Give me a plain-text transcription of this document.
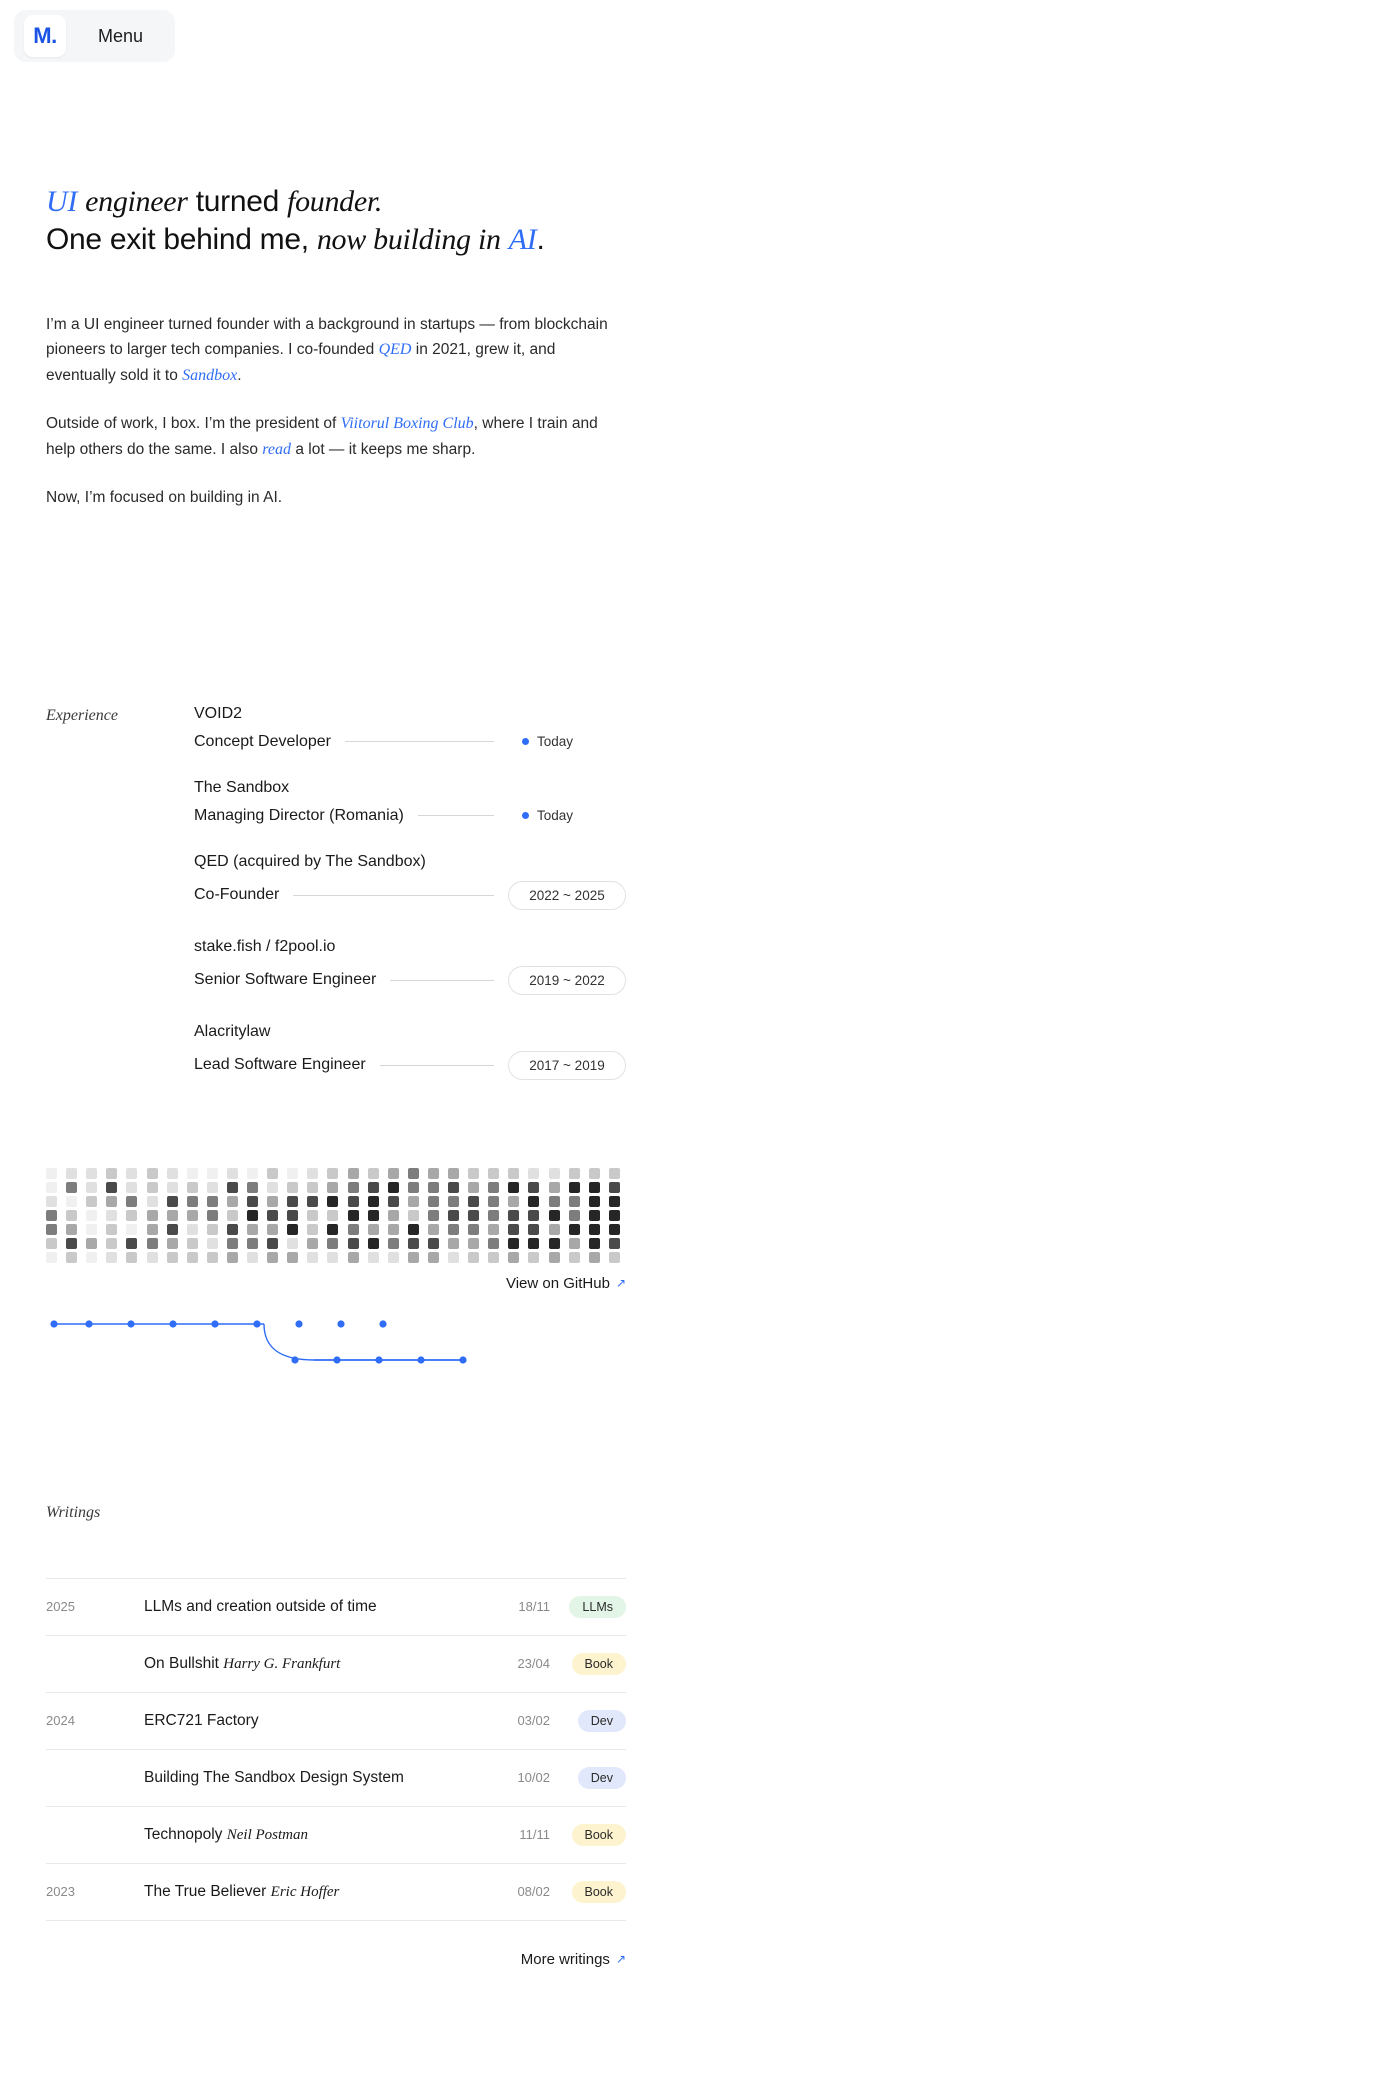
M.	Menu
UI engineer turned founder.
One exit behind me, now building in AI.

I’m a UI engineer turned founder with a background in startups — from blockchain pioneers to larger tech companies. I co-founded QED in 2021, grew it, and eventually sold it to Sandbox.

Outside of work, I box. I’m the president of Viitorul Boxing Club, where I train and help others do the same. I also read a lot — it keeps me sharp.

Now, I’m focused on building in AI.

Experience	VOID2
Concept Developer	Today
The Sandbox
Managing Director (Romania)	Today
QED (acquired by The Sandbox)
Co-Founder	2022 ~ 2025
stake.fish / f2pool.io
Senior Software Engineer	2019 ~ 2022
Alacritylaw
Lead Software Engineer	2017 ~ 2019
View on GitHub ↗
Writings
2025	LLMs and creation outside of time	18/11	LLMs
	On Bullshit Harry G. Frankfurt	23/04	Book
2024	ERC721 Factory	03/02	Dev
	Building The Sandbox Design System	10/02	Dev
	Technopoly Neil Postman	11/11	Book
2023	The True Believer Eric Hoffer	08/02	Book
More writings ↗
